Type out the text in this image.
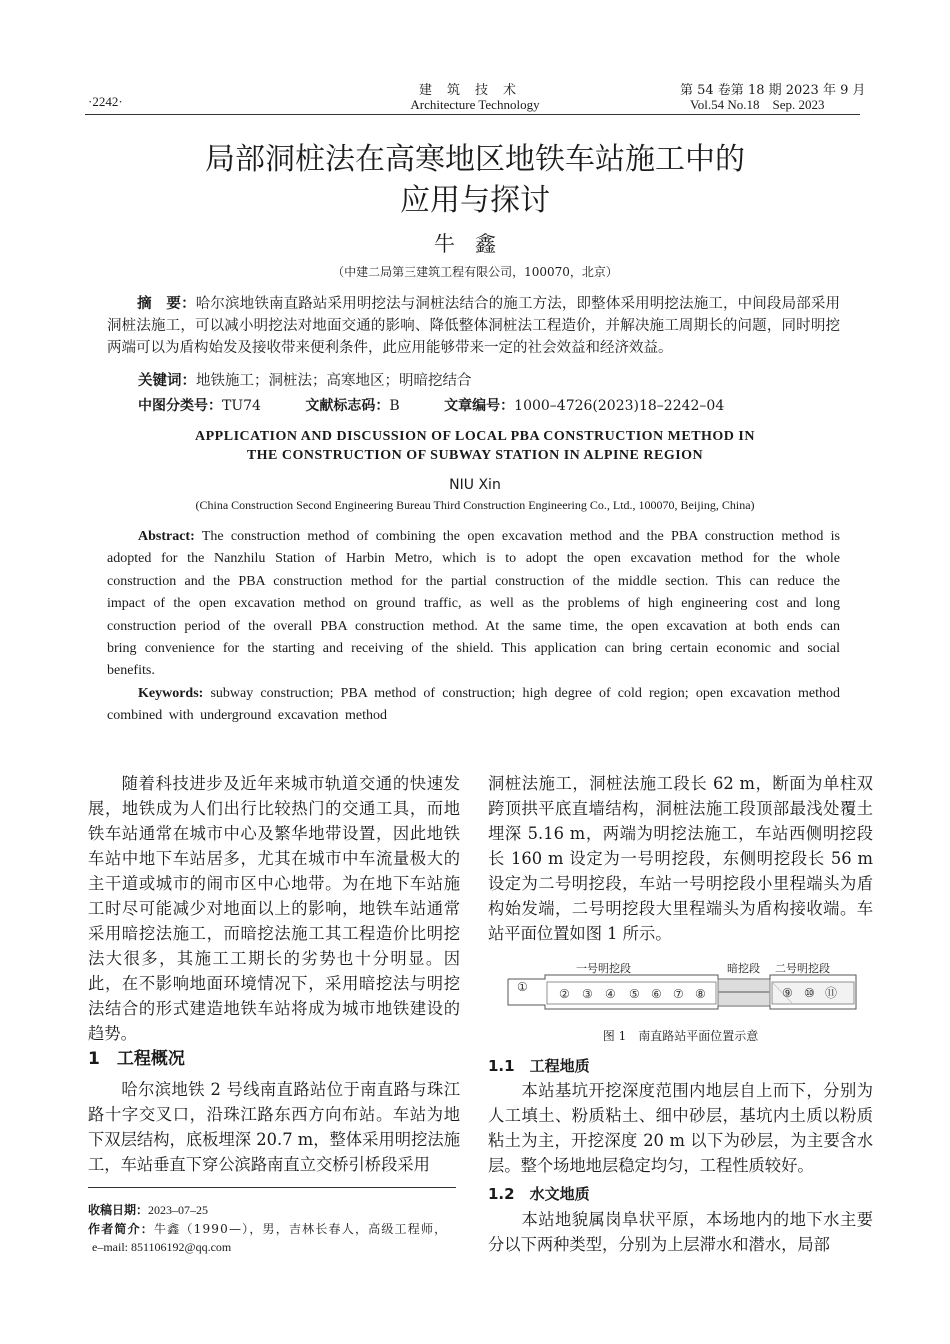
·2242·
建筑技术
Architecture Technology
第 54 卷第 18 期 2023 年 9 月
Vol.54 No.18    Sep. 2023
局部洞桩法在高寒地区地铁车站施工中的
应用与探讨
牛鑫
（中建二局第三建筑工程有限公司，100070，北京）
摘　要：哈尔滨地铁南直路站采用明挖法与洞桩法结合的施工方法，即整体采用明挖法施工，中间段局部采用洞桩法施工，可以减小明挖法对地面交通的影响、降低整体洞桩法工程造价，并解决施工周期长的问题，同时明挖两端可以为盾构始发及接收带来便利条件，此应用能够带来一定的社会效益和经济效益。
关键词：地铁施工；洞桩法；高寒地区；明暗挖结合
中图分类号：TU74	文献标志码：B	文章编号：1000–4726(2023)18–2242–04
APPLICATION AND DISCUSSION OF LOCAL PBA CONSTRUCTION METHOD IN
THE CONSTRUCTION OF SUBWAY STATION IN ALPINE REGION
NIU Xin
(China Construction Second Engineering Bureau Third Construction Engineering Co., Ltd., 100070, Beijing, China)
Abstract: The construction method of combining the open excavation method and the PBA construction method is adopted for the Nanzhilu Station of Harbin Metro, which is to adopt the open excavation method for the whole construction and the PBA construction method for the partial construction of the middle section. This can reduce the impact of the open excavation method on ground traffic, as well as the problems of high engineering cost and long construction period of the overall PBA construction method. At the same time, the open excavation at both ends can bring convenience for the starting and receiving of the shield. This application can bring certain economic and social benefits.
Keywords: subway construction; PBA method of construction; high degree of cold region; open excavation method combined with underground excavation method
随着科技进步及近年来城市轨道交通的快速发展，地铁成为人们出行比较热门的交通工具，而地铁车站通常在城市中心及繁华地带设置，因此地铁车站中地下车站居多，尤其在城市中车流量极大的主干道或城市的闹市区中心地带。为在地下车站施工时尽可能减少对地面以上的影响，地铁车站通常采用暗挖法施工，而暗挖法施工其工程造价比明挖法大很多，其施工工期长的劣势也十分明显。因此，在不影响地面环境情况下，采用暗挖法与明挖法结合的形式建造地铁车站将成为城市地铁建设的趋势。
1　工程概况
哈尔滨地铁 2 号线南直路站位于南直路与珠江路十字交叉口，沿珠江路东西方向布站。车站为地下双层结构，底板埋深 20.7 m，整体采用明挖法施工，车站垂直下穿公滨路南直立交桥引桥段采用
收稿日期：2023–07–25
作者简介：牛鑫（1990—），男，吉林长春人，高级工程师，
e–mail: 851106192@qq.com
洞桩法施工，洞桩法施工段长 62 m，断面为单柱双跨顶拱平底直墙结构，洞桩法施工段顶部最浅处覆土埋深 5.16 m，两端为明挖法施工，车站西侧明挖段长 160 m 设定为一号明挖段，东侧明挖段长 56 m 设定为二号明挖段，车站一号明挖段小里程端头为盾构始发端，二号明挖段大里程端头为盾构接收端。车站平面位置如图 1 所示。
一号明挖段	暗挖段 二号明挖段
①	② ③ ④ ⑤ ⑥ ⑦ ⑧	⑨ ⑩ ⑪
图 1　南直路站平面位置示意
1.1　工程地质
本站基坑开挖深度范围内地层自上而下，分别为人工填土、粉质粘土、细中砂层，基坑内土质以粉质粘土为主，开挖深度 20 m 以下为砂层，为主要含水层。整个场地地层稳定均匀，工程性质较好。
1.2　水文地质
本站地貌属岗阜状平原，本场地内的地下水主要分以下两种类型，分别为上层滞水和潜水，局部
